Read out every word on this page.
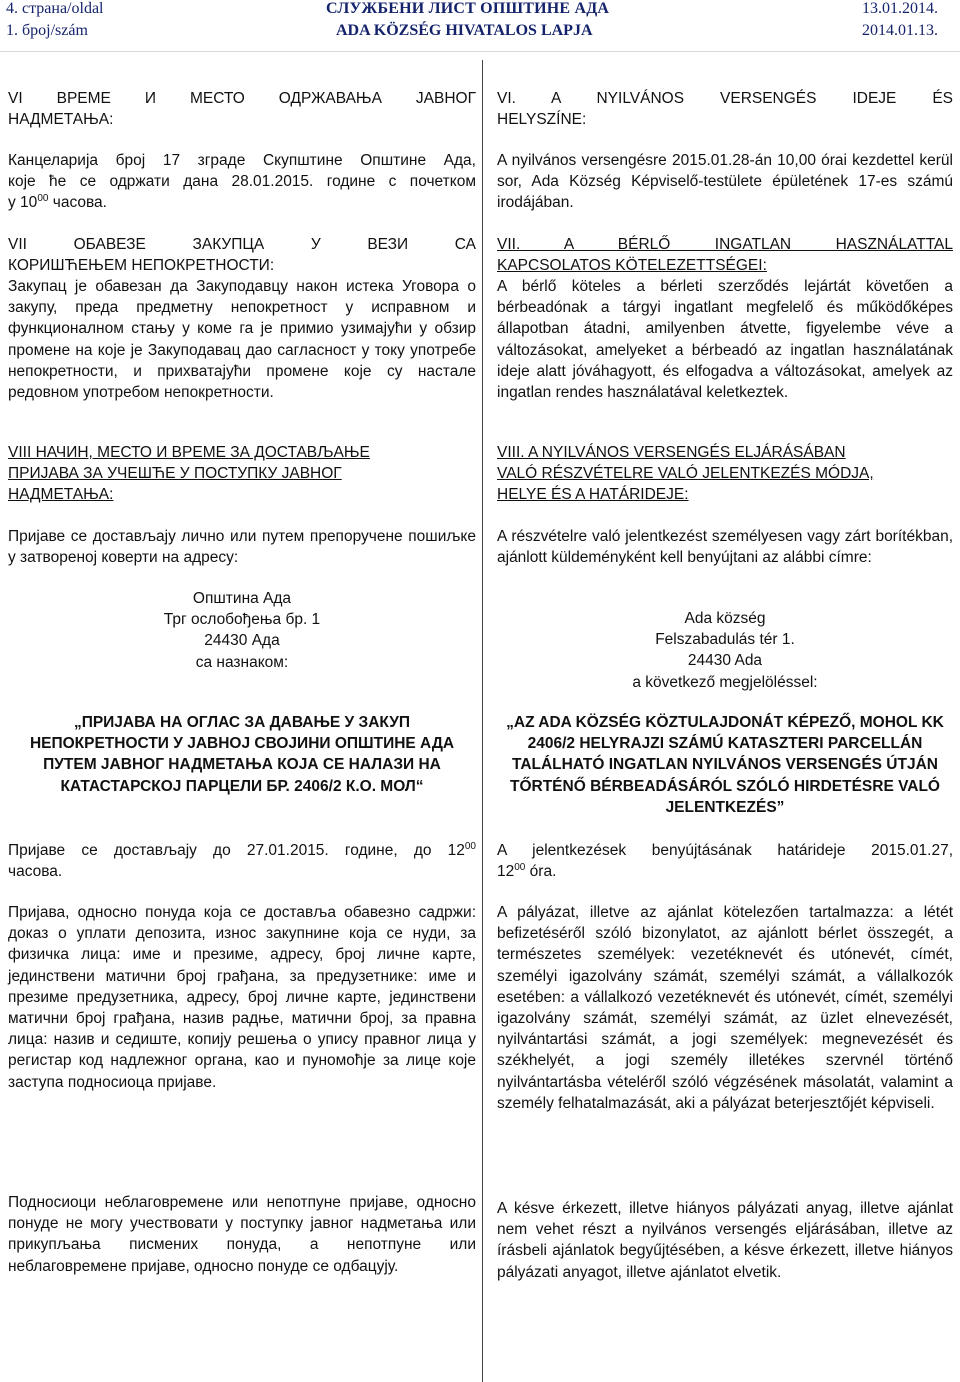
4. страна/oldal
1. број/szám
СЛУЖБЕНИ ЛИСТ ОПШТИНЕ АДА
ADA KÖZSÉG HIVATALOS LAPJA
13.01.2014.
2014.01.13.
VI ВРЕМЕ И МЕСТО ОДРЖАВАЊА ЈАВНОГ
НАДМЕТАЊА:
Канцеларија број 17 зграде Скупштине Општине Ада,
које ће се одржати дана 28.01.2015. године с почетком
у $10^{00}$ часова.
VII ОБАВЕЗЕ ЗАКУПЦА У ВЕЗИ СА
КОРИШЋЕЊЕМ НЕПОКРЕТНОСТИ:
Закупац је обавезан да Закуподавцу након истека Уговора о закупу, преда предметну непокретност у исправном и функционалном стању у коме га је примио узимајући у обзир промене на које је Закуподавац дао сагласност у току употребе непокретности, и прихватајући промене које су настале редовном употребом непокретности.
VIII НАЧИН, МЕСТО И ВРЕМЕ ЗА ДОСТАВЉАЊЕ
ПРИЈАВА ЗА УЧЕШЋЕ У ПОСТУПКУ ЈАВНОГ
НАДМЕТАЊА:
Пријаве се достављају лично или путем препоручене пошиљке у затвореној коверти на адресу:
Општина Ада
Трг ослобођења бр. 1
24430 Ада
са назнаком:
„ПРИЈАВА НА ОГЛАС ЗА ДАВАЊЕ У ЗАКУП НЕПОКРЕТНОСТИ У ЈАВНОЈ СВОЈИНИ ОПШТИНЕ АДА ПУТЕМ ЈАВНОГ НАДМЕТАЊА КОЈА СЕ НАЛАЗИ НА КАТАСТАРСКОЈ ПАРЦЕЛИ БР. 2406/2 К.О. МОЛ“
Пријаве се достављају до 27.01.2015. године, до $12^{00}$
часова.
Пријава, односно понуда која се доставља обавезно садржи: доказ о уплати депозита, износ закупнине која се нуди, за физичка лица: име и презиме, адресу, број личне карте, јединствени матични број грађана, за предузетнике: име и презиме предузетника, адресу, број личне карте, јединствени матични број грађана, назив радње, матични број, за правна лица: назив и седиште, копију решења о упису правног лица у регистар код надлежног органа, као и пуномоћје за лице које заступа подносиоца пријаве.
Подносиоци неблаговремене или непотпуне пријаве, односно понуде не могу учествовати у поступку јавног надметања или прикупљања писмених понуда, а непотпуне или неблаговремене пријаве, односно понуде се одбацују.
VI. A NYILVÁNOS VERSENGÉS IDEJE ÉS
HELYSZÍNE:
A nyilvános versengésre 2015.01.28-án 10,00 órai kezdettel kerül sor, Ada Község Képviselő-testülete épületének 17-es számú irodájában.
VII. A BÉRLŐ INGATLAN HASZNÁLATTAL
KAPCSOLATOS KÖTELEZETTSÉGEI:
A bérlő köteles a bérleti szerződés lejártát követően a bérbeadónak a tárgyi ingatlant megfelelő és működőképes állapotban átadni, amilyenben átvette, figyelembe véve a változásokat, amelyeket a bérbeadó az ingatlan használatának ideje alatt jóváhagyott, és elfogadva a változásokat, amelyek az ingatlan rendes használatával keletkeztek.
VIII. A NYILVÁNOS VERSENGÉS ELJÁRÁSÁBAN
VALÓ RÉSZVÉTELRE VALÓ JELENTKEZÉS MÓDJA,
HELYE ÉS A HATÁRIDEJE:
A részvételre való jelentkezést személyesen vagy zárt borítékban, ajánlott küldeményként kell benyújtani az alábbi címre:
Ada község
Felszabadulás tér 1.
24430 Ada
a következő megjelöléssel:
„AZ ADA KÖZSÉG KÖZTULAJDONÁT KÉPEZŐ, MOHOL KK 2406/2 HELYRAJZI SZÁMÚ KATASZTERI PARCELLÁN TALÁLHATÓ INGATLAN NYILVÁNOS VERSENGÉS ÚTJÁN TŐRTÉNŐ BÉRBEADÁSÁRÓL SZÓLÓ HIRDETÉSRE VALÓ JELENTKEZÉS”
A jelentkezések benyújtásának határideje 2015.01.27,
$12^{00}$ óra.
A pályázat, illetve az ajánlat kötelezően tartalmazza: a létét befizetéséről szóló bizonylatot, az ajánlott bérlet összegét, a természetes személyek: vezetéknevét és utónevét, címét, személyi igazolvány számát, személyi számát, a vállalkozók esetében: a vállalkozó vezetéknevét és utónevét, címét, személyi igazolvány számát, személyi számát, az üzlet elnevezését, nyilvántartási számát, a jogi személyek: megnevezését és székhelyét, a jogi személy illetékes szervnél történő nyilvántartásba vételéről szóló végzésének másolatát, valamint a személy felhatalmazását, aki a pályázat beterjesztőjét képviseli.
A késve érkezett, illetve hiányos pályázati anyag, illetve ajánlat nem vehet részt a nyilvános versengés eljárásában, illetve az írásbeli ajánlatok begyűjtésében, a késve érkezett, illetve hiányos pályázati anyagot, illetve ajánlatot elvetik.
